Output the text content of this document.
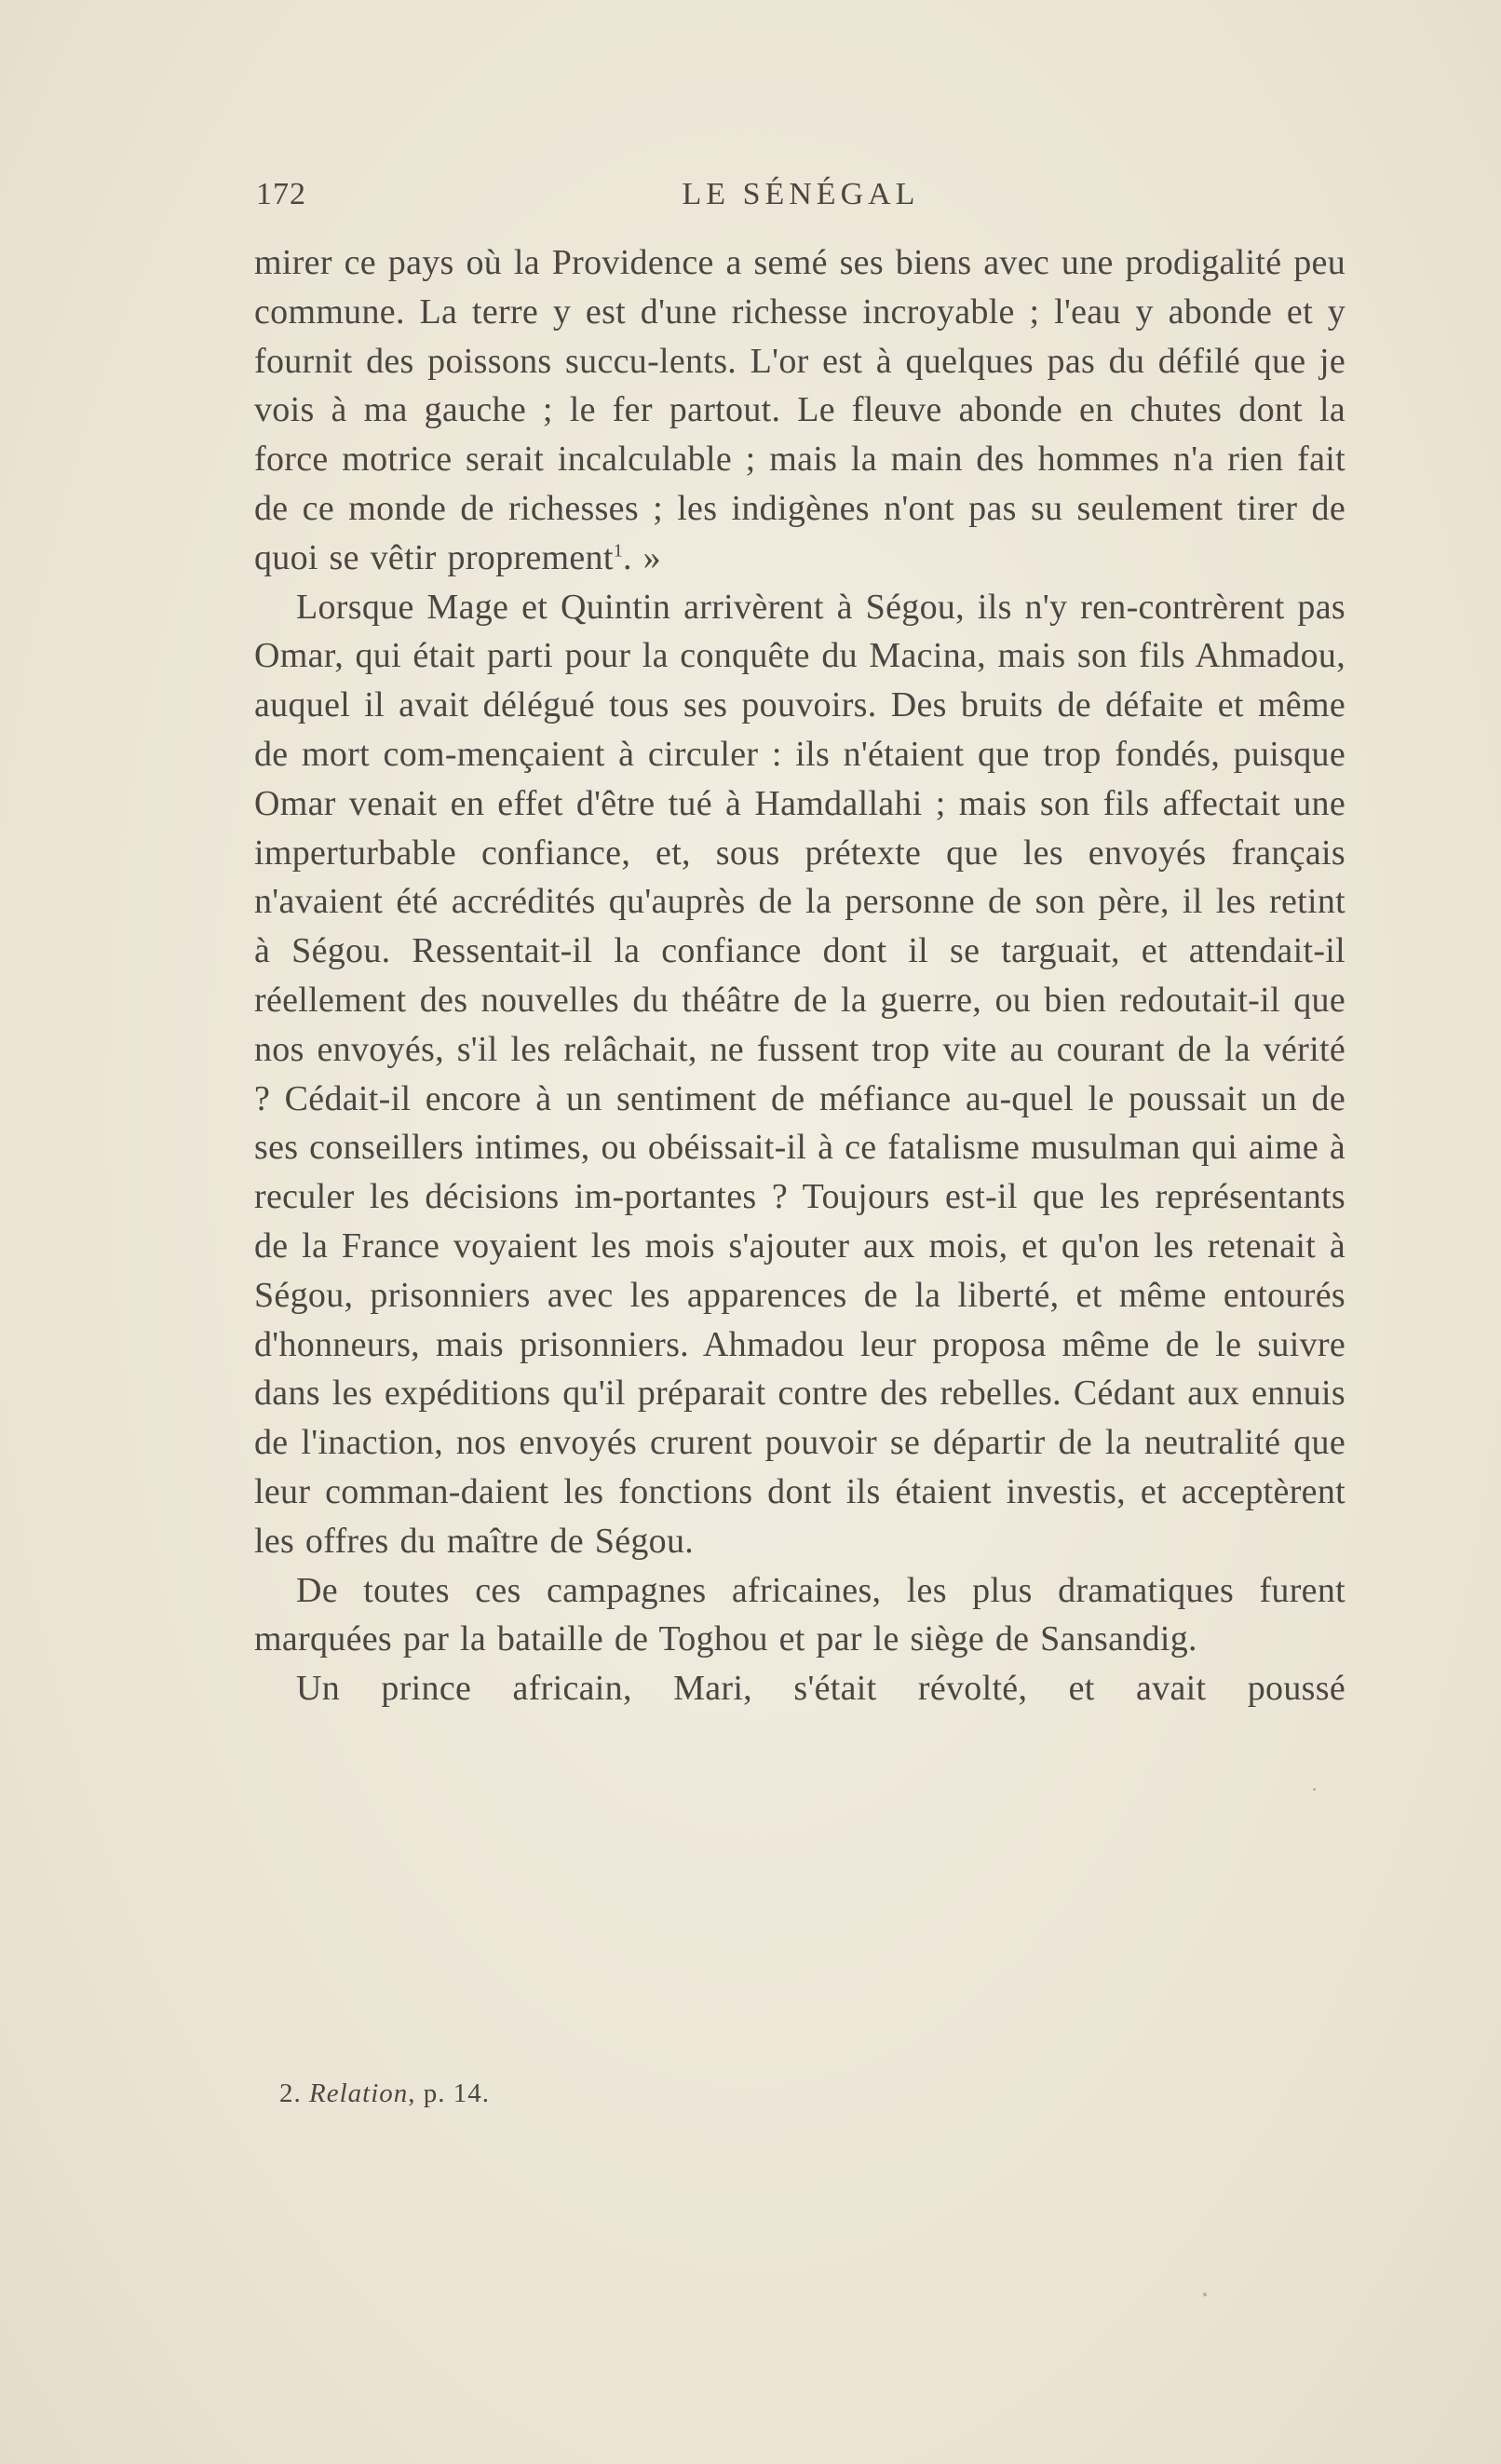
172	LE SÉNÉGAL

mirer ce pays où la Providence a semé ses biens avec une prodigalité peu commune. La terre y est d'une richesse incroyable ; l'eau y abonde et y fournit des poissons succu-lents. L'or est à quelques pas du défilé que je vois à ma gauche ; le fer partout. Le fleuve abonde en chutes dont la force motrice serait incalculable ; mais la main des hommes n'a rien fait de ce monde de richesses ; les indigènes n'ont pas su seulement tirer de quoi se vêtir proprement$^1$. »

Lorsque Mage et Quintin arrivèrent à Ségou, ils n'y ren-contrèrent pas Omar, qui était parti pour la conquête du Macina, mais son fils Ahmadou, auquel il avait délégué tous ses pouvoirs. Des bruits de défaite et même de mort com-mençaient à circuler : ils n'étaient que trop fondés, puisque Omar venait en effet d'être tué à Hamdallahi ; mais son fils affectait une imperturbable confiance, et, sous prétexte que les envoyés français n'avaient été accrédités qu'auprès de la personne de son père, il les retint à Ségou. Ressentait-il la confiance dont il se targuait, et attendait-il réellement des nouvelles du théâtre de la guerre, ou bien redoutait-il que nos envoyés, s'il les relâchait, ne fussent trop vite au courant de la vérité ? Cédait-il encore à un sentiment de méfiance au-quel le poussait un de ses conseillers intimes, ou obéissait-il à ce fatalisme musulman qui aime à reculer les décisions im-portantes ? Toujours est-il que les représentants de la France voyaient les mois s'ajouter aux mois, et qu'on les retenait à Ségou, prisonniers avec les apparences de la liberté, et même entourés d'honneurs, mais prisonniers. Ahmadou leur proposa même de le suivre dans les expéditions qu'il préparait contre des rebelles. Cédant aux ennuis de l'inaction, nos envoyés crurent pouvoir se départir de la neutralité que leur comman-daient les fonctions dont ils étaient investis, et acceptèrent les offres du maître de Ségou.

De toutes ces campagnes africaines, les plus dramatiques furent marquées par la bataille de Toghou et par le siège de Sansandig.

Un prince africain, Mari, s'était révolté, et avait poussé

2. Relation, p. 14.
